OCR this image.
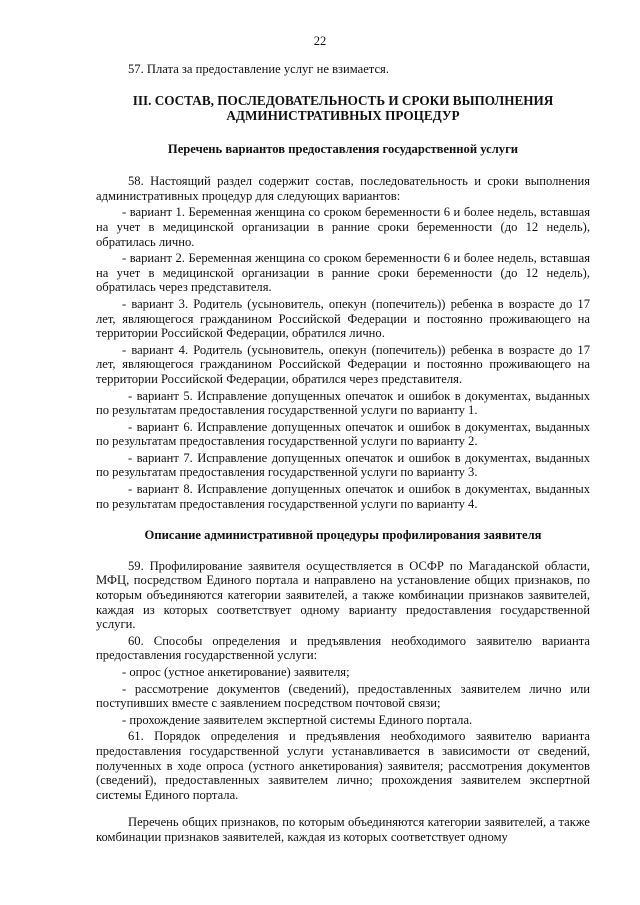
22

57. Плата за предоставление услуг не взимается.

III. СОСТАВ, ПОСЛЕДОВАТЕЛЬНОСТЬ И СРОКИ ВЫПОЛНЕНИЯ
АДМИНИСТРАТИВНЫХ ПРОЦЕДУР

Перечень вариантов предоставления государственной услуги

58. Настоящий раздел содержит состав, последовательность и сроки выполнения административных процедур для следующих вариантов:

- вариант 1. Беременная женщина со сроком беременности 6 и более недель, вставшая на учет в медицинской организации в ранние сроки беременности (до 12 недель), обратилась лично.

- вариант 2. Беременная женщина со сроком беременности 6 и более недель, вставшая на учет в медицинской организации в ранние сроки беременности (до 12 недель), обратилась через представителя.

- вариант 3. Родитель (усыновитель, опекун (попечитель)) ребенка в возрасте до 17 лет, являющегося гражданином Российской Федерации и постоянно проживающего на территории Российской Федерации, обратился лично.

- вариант 4. Родитель (усыновитель, опекун (попечитель)) ребенка в возрасте до 17 лет, являющегося гражданином Российской Федерации и постоянно проживающего на территории Российской Федерации, обратился через представителя.

- вариант 5. Исправление допущенных опечаток и ошибок в документах, выданных по результатам предоставления государственной услуги по варианту 1.

- вариант 6. Исправление допущенных опечаток и ошибок в документах, выданных по результатам предоставления государственной услуги по варианту 2.

- вариант 7. Исправление допущенных опечаток и ошибок в документах, выданных по результатам предоставления государственной услуги по варианту 3.

- вариант 8. Исправление допущенных опечаток и ошибок в документах, выданных по результатам предоставления государственной услуги по варианту 4.

Описание административной процедуры профилирования заявителя

59. Профилирование заявителя осуществляется в ОСФР по Магаданской области, МФЦ, посредством Единого портала и направлено на установление общих признаков, по которым объединяются категории заявителей, а также комбинации признаков заявителей, каждая из которых соответствует одному варианту предоставления государственной услуги.

60. Способы определения и предъявления необходимого заявителю варианта предоставления государственной услуги:

- опрос (устное анкетирование) заявителя;

- рассмотрение документов (сведений), предоставленных заявителем лично или поступивших вместе с заявлением посредством почтовой связи;

- прохождение заявителем экспертной системы Единого портала.

61. Порядок определения и предъявления необходимого заявителю варианта предоставления государственной услуги устанавливается в зависимости от сведений, полученных в ходе опроса (устного анкетирования) заявителя; рассмотрения документов (сведений), предоставленных заявителем лично; прохождения заявителем экспертной системы Единого портала.

Перечень общих признаков, по которым объединяются категории заявителей, а также комбинации признаков заявителей, каждая из которых соответствует одному
